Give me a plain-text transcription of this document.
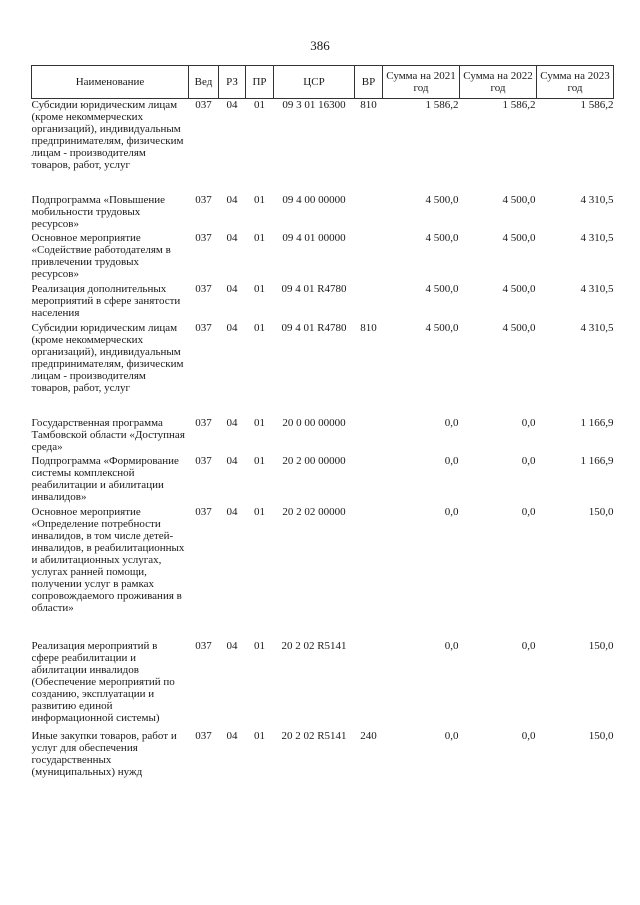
386
Наименование	Вед	РЗ	ПР	ЦСР	ВР	Сумма на 2021 год	Сумма на 2022 год	Сумма на 2023 год
Субсидии юридическим лицам (кроме некоммерческих организаций), индивидуальным предпринимателям, физическим лицам - производителям товаров, работ, услуг	037	04	01	09 3 01 16300	810	1 586,2	1 586,2	1 586,2
Подпрограмма «Повышение мобильности трудовых ресурсов»	037	04	01	09 4 00 00000		4 500,0	4 500,0	4 310,5
Основное мероприятие «Содействие работодателям в привлечении трудовых ресурсов»	037	04	01	09 4 01 00000		4 500,0	4 500,0	4 310,5
Реализация дополнительных мероприятий в сфере занятости населения	037	04	01	09 4 01 R4780		4 500,0	4 500,0	4 310,5
Субсидии юридическим лицам (кроме некоммерческих организаций), индивидуальным предпринимателям, физическим лицам - производителям товаров, работ, услуг	037	04	01	09 4 01 R4780	810	4 500,0	4 500,0	4 310,5
Государственная программа Тамбовской области «Доступная среда»	037	04	01	20 0 00 00000		0,0	0,0	1 166,9
Подпрограмма «Формирование системы комплексной реабилитации и абилитации инвалидов»	037	04	01	20 2 00 00000		0,0	0,0	1 166,9
Основное мероприятие «Определение потребности инвалидов, в том числе детей-инвалидов, в реабилитационных и абилитационных услугах, услугах ранней помощи, получении услуг в рамках сопровождаемого проживания в области»	037	04	01	20 2 02 00000		0,0	0,0	150,0
Реализация мероприятий в сфере реабилитации и абилитации инвалидов (Обеспечение мероприятий по созданию, эксплуатации и развитию единой информационной системы)	037	04	01	20 2 02 R5141		0,0	0,0	150,0
Иные закупки товаров, работ и услуг для обеспечения государственных (муниципальных) нужд	037	04	01	20 2 02 R5141	240	0,0	0,0	150,0
